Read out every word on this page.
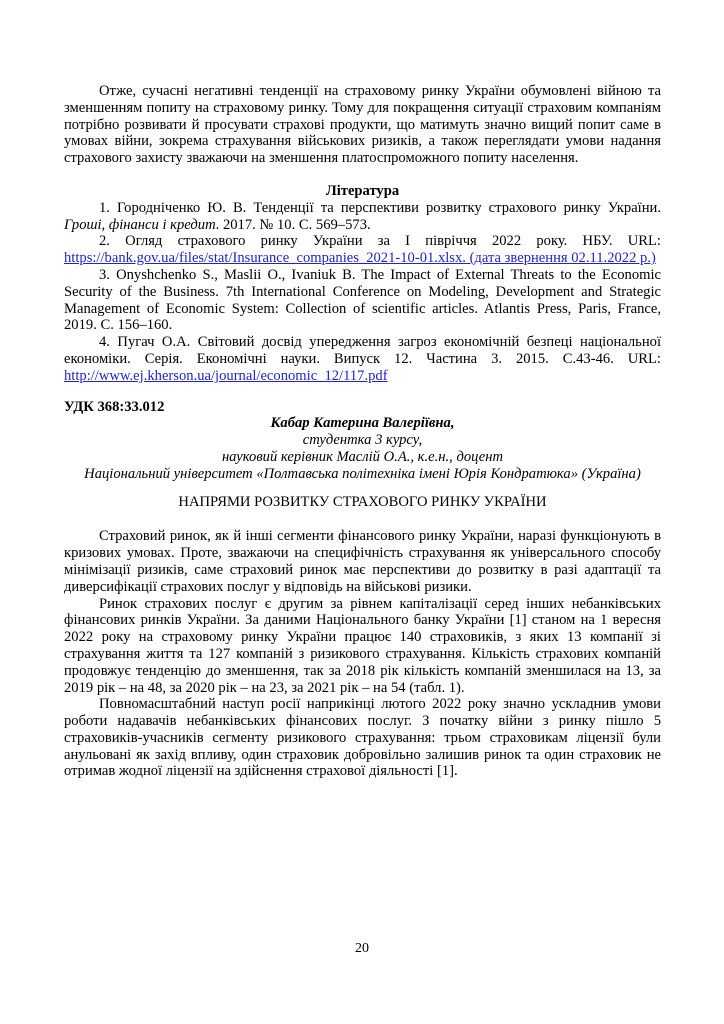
Отже, сучасні негативні тенденції на страховому ринку України обумовлені війною та зменшенням попиту на страховому ринку. Тому для покращення ситуації страховим компаніям потрібно розвивати й просувати страхові продукти, що матимуть значно вищий попит саме в умовах війни, зокрема страхування військових ризиків, а також переглядати умови надання страхового захисту зважаючи на зменшення платоспроможного попиту населення.

Література

1. Городніченко Ю. В. Тенденції та перспективи розвитку страхового ринку України. Гроші, фінанси і кредит. 2017. № 10. С. 569–573.

2. Огляд страхового ринку України за І півріччя 2022 року. НБУ. URL: https://bank.gov.ua/files/stat/Insurance_companies_2021-10-01.xlsx. (дата звернення 02.11.2022 р.)

3. Onyshchenko S., Maslii O., Ivaniuk B. The Impact of External Threats to the Economic Security of the Business. 7th International Conference on Modeling, Development and Strategic Management of Economic System: Collection of scientific articles. Atlantis Press, Paris, France, 2019. С. 156–160.

4. Пугач О.А. Світовий досвід упередження загроз економічній безпеці національної економіки. Серія. Економічні науки. Випуск 12. Частина 3. 2015. С.43-46. URL: http://www.ej.kherson.ua/journal/economic_12/117.pdf

УДК 368:33.012

Кабар Катерина Валеріївна,

студентка 3 курсу,

науковий керівник Маслій О.А., к.е.н., доцент

Національний університет «Полтавська політехніка імені Юрія Кондратюка» (Україна)

НАПРЯМИ РОЗВИТКУ СТРАХОВОГО РИНКУ УКРАЇНИ

Страховий ринок, як й інші сегменти фінансового ринку України, наразі функціонують в кризових умовах. Проте, зважаючи на специфічність страхування як універсального способу мінімізації ризиків, саме страховий ринок має перспективи до розвитку в разі адаптації та диверсифікації страхових послуг у відповідь на військові ризики.

Ринок страхових послуг є другим за рівнем капіталізації серед інших небанківських фінансових ринків України. За даними Національного банку України [1] станом на 1 вересня 2022 року на страховому ринку України працює 140 страховиків, з яких 13 компанії зі страхування життя та 127 компаній з ризикового страхування. Кількість страхових компаній продовжує тенденцію до зменшення, так за 2018 рік кількість компаній зменшилася на 13, за 2019 рік – на 48, за 2020 рік – на 23, за 2021 рік – на 54 (табл. 1).

Повномасштабний наступ росії наприкінці лютого 2022 року значно ускладнив умови роботи надавачів небанківських фінансових послуг. З початку війни з ринку пішло 5 страховиків-учасників сегменту ризикового страхування: трьом страховикам ліцензії були анульовані як захід впливу, один страховик добровільно залишив ринок та один страховик не отримав жодної ліцензії на здійснення страхової діяльності [1].

20
